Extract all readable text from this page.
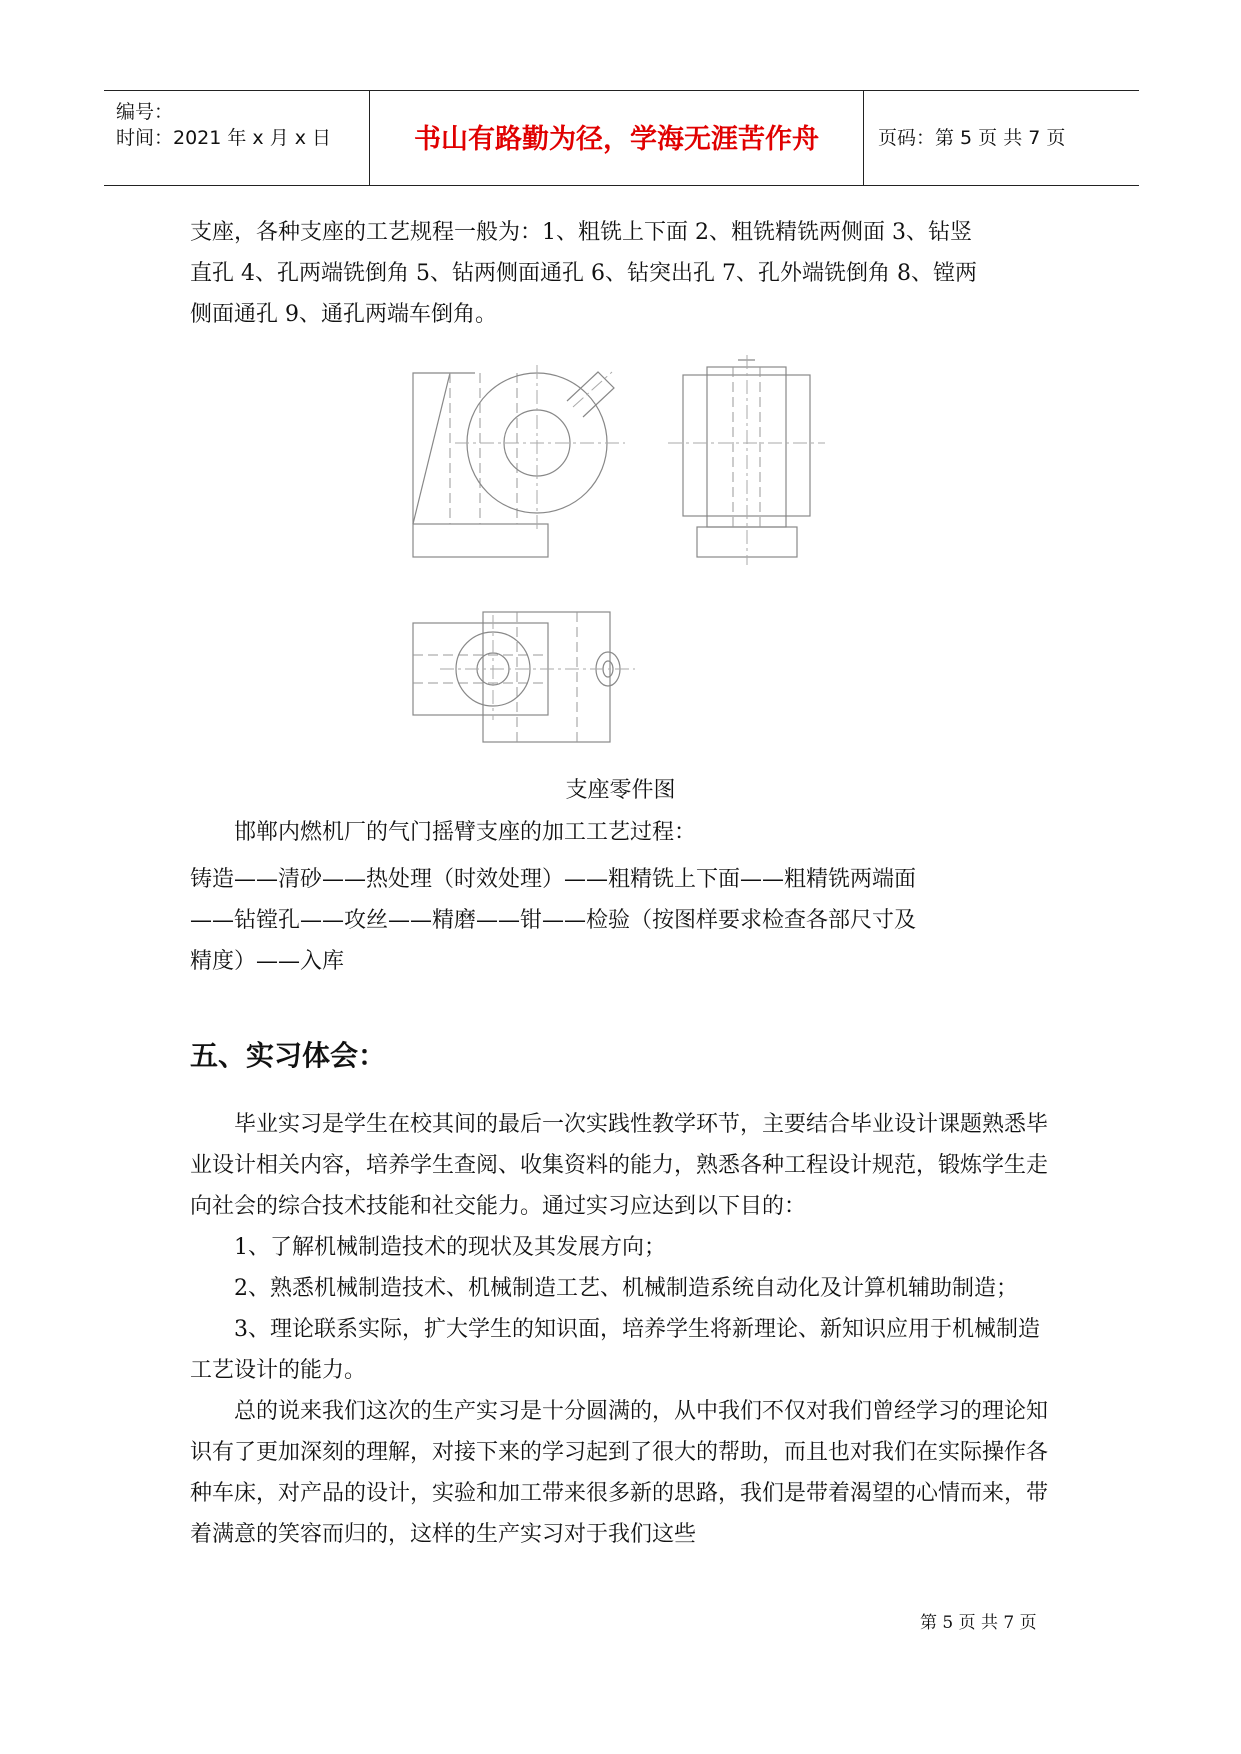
编号：
时间：2021 年 x 月 x 日	书山有路勤为径，学海无涯苦作舟	页码：第 5 页 共 7 页
支座，各种支座的工艺规程一般为：1、粗铣上下面 2、粗铣精铣两侧面 3、钻竖
直孔 4、孔两端铣倒角 5、钻两侧面通孔 6、钻突出孔 7、孔外端铣倒角 8、镗两
侧面通孔 9、通孔两端车倒角。
支座零件图
邯郸内燃机厂的气门摇臂支座的加工工艺过程：
铸造——清砂——热处理（时效处理）——粗精铣上下面——粗精铣两端面
——钻镗孔——攻丝——精磨——钳——检验（按图样要求检查各部尺寸及
精度）——入库
五、实习体会：

毕业实习是学生在校其间的最后一次实践性教学环节，主要结合毕业设计课题熟悉毕业设计相关内容，培养学生查阅、收集资料的能力，熟悉各种工程设计规范，锻炼学生走向社会的综合技术技能和社交能力。通过实习应达到以下目的：

1、了解机械制造技术的现状及其发展方向；

2、熟悉机械制造技术、机械制造工艺、机械制造系统自动化及计算机辅助制造；

3、理论联系实际，扩大学生的知识面，培养学生将新理论、新知识应用于机械制造工艺设计的能力。

总的说来我们这次的生产实习是十分圆满的，从中我们不仅对我们曾经学习的理论知识有了更加深刻的理解，对接下来的学习起到了很大的帮助，而且也对我们在实际操作各种车床，对产品的设计，实验和加工带来很多新的思路，我们是带着渴望的心情而来，带着满意的笑容而归的，这样的生产实习对于我们这些

第 5 页 共 7 页
